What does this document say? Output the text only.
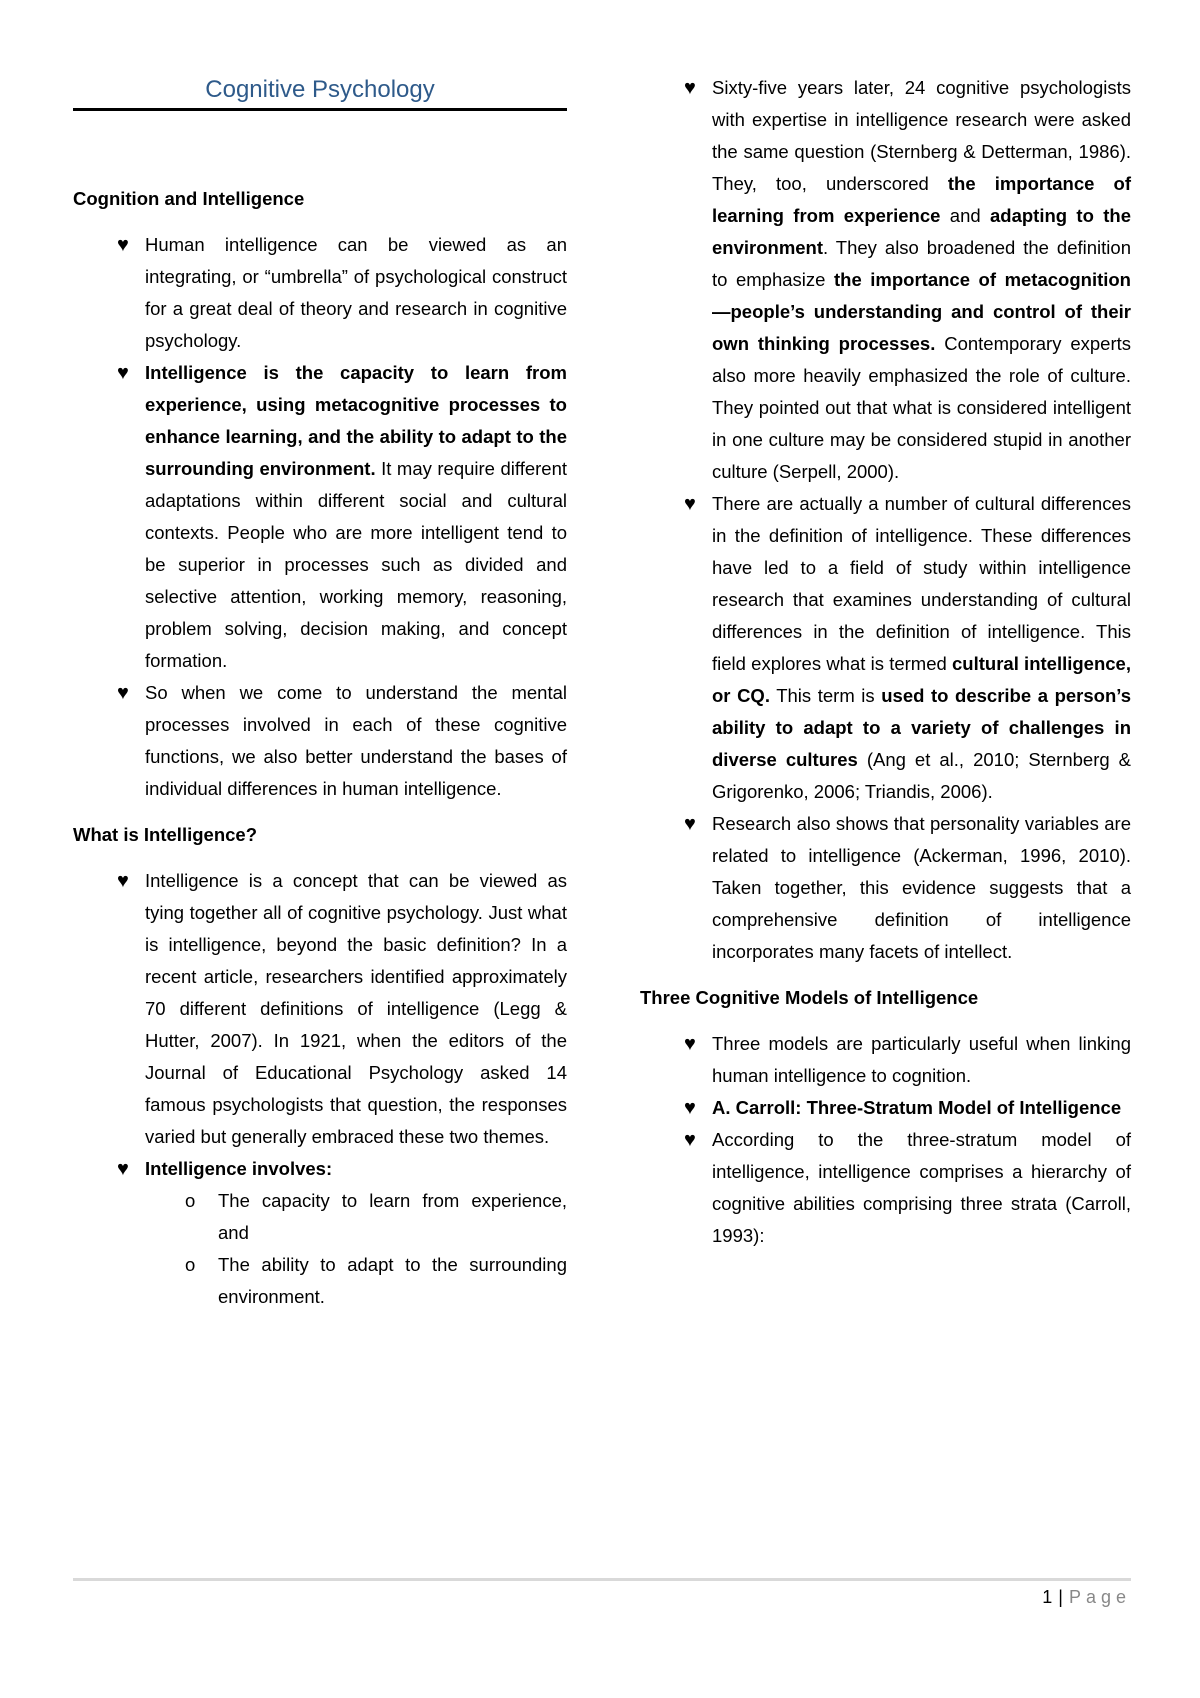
Cognitive Psychology
Cognition and Intelligence
♥ Human intelligence can be viewed as an integrating, or “umbrella” of psychological construct for a great deal of theory and research in cognitive psychology.
♥ Intelligence is the capacity to learn from experience, using metacognitive processes to enhance learning, and the ability to adapt to the surrounding environment. It may require different adaptations within different social and cultural contexts. People who are more intelligent tend to be superior in processes such as divided and selective attention, working memory, reasoning, problem solving, decision making, and concept formation.
♥ So when we come to understand the mental processes involved in each of these cognitive functions, we also better understand the bases of individual differences in human intelligence.
What is Intelligence?
♥ Intelligence is a concept that can be viewed as tying together all of cognitive psychology. Just what is intelligence, beyond the basic definition? In a recent article, researchers identified approximately 70 different definitions of intelligence (Legg & Hutter, 2007). In 1921, when the editors of the Journal of Educational Psychology asked 14 famous psychologists that question, the responses varied but generally embraced these two themes.
♥ Intelligence involves:
o The capacity to learn from experience, and
o The ability to adapt to the surrounding environment.
♥ Sixty-five years later, 24 cognitive psychologists with expertise in intelligence research were asked the same question (Sternberg & Detterman, 1986). They, too, underscored the importance of learning from experience and adapting to the environment. They also broadened the definition to emphasize the importance of metacognition—people’s understanding and control of their own thinking processes. Contemporary experts also more heavily emphasized the role of culture. They pointed out that what is considered intelligent in one culture may be considered stupid in another culture (Serpell, 2000).
♥ There are actually a number of cultural differences in the definition of intelligence. These differences have led to a field of study within intelligence research that examines understanding of cultural differences in the definition of intelligence. This field explores what is termed cultural intelligence, or CQ. This term is used to describe a person’s ability to adapt to a variety of challenges in diverse cultures (Ang et al., 2010; Sternberg & Grigorenko, 2006; Triandis, 2006).
♥ Research also shows that personality variables are related to intelligence (Ackerman, 1996, 2010). Taken together, this evidence suggests that a comprehensive definition of intelligence incorporates many facets of intellect.
Three Cognitive Models of Intelligence
♥ Three models are particularly useful when linking human intelligence to cognition.
♥ A. Carroll: Three-Stratum Model of Intelligence
♥ According to the three-stratum model of intelligence, intelligence comprises a hierarchy of cognitive abilities comprising three strata (Carroll, 1993):
1 | Page
